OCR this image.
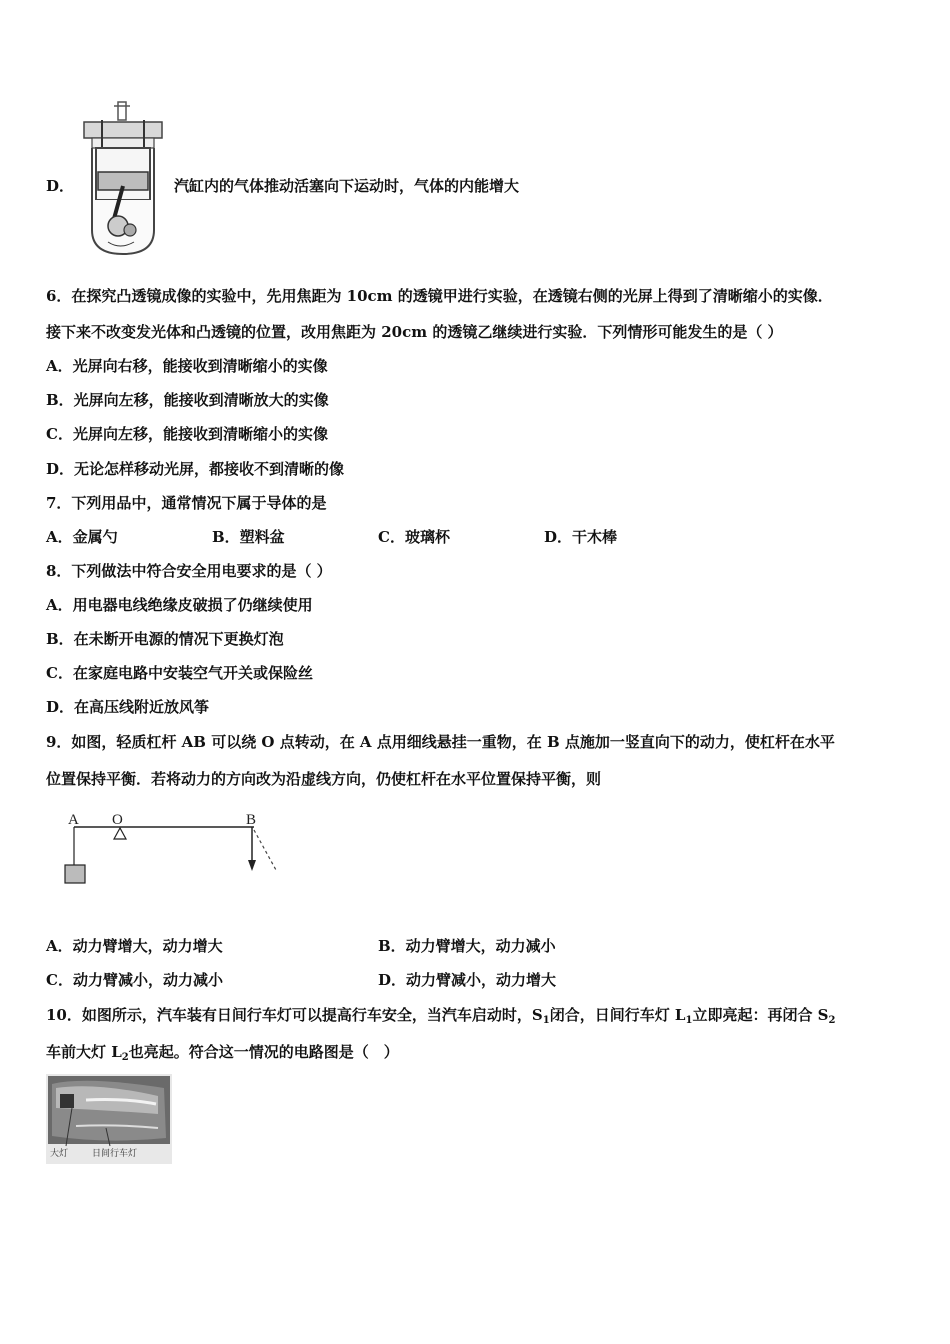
D．	汽缸内的气体推动活塞向下运动时，气体的内能增大
6．在探究凸透镜成像的实验中，先用焦距为 10cm 的透镜甲进行实验，在透镜右侧的光屏上得到了清晰缩小的实像．
接下来不改变发光体和凸透镜的位置，改用焦距为 20cm 的透镜乙继续进行实验．下列情形可能发生的是（ ）
A．光屏向右移，能接收到清晰缩小的实像
B．光屏向左移，能接收到清晰放大的实像
C．光屏向左移，能接收到清晰缩小的实像
D．无论怎样移动光屏，都接收不到清晰的像
7．下列用品中，通常情况下属于导体的是
A．金属勺	B．塑料盆	C．玻璃杯	D．干木棒
8．下列做法中符合安全用电要求的是（ ）
A．用电器电线绝缘皮破损了仍继续使用
B．在未断开电源的情况下更换灯泡
C．在家庭电路中安装空气开关或保险丝
D．在高压线附近放风筝
9．如图，轻质杠杆 AB 可以绕 O 点转动，在 A 点用细线悬挂一重物，在 B 点施加一竖直向下的动力，使杠杆在水平
位置保持平衡．若将动力的方向改为沿虚线方向，仍使杠杆在水平位置保持平衡，则
A O	B
A．动力臂增大，动力增大	B．动力臂增大，动力减小
C．动力臂减小，动力减小	D．动力臂减小，动力增大
10．如图所示，汽车装有日间行车灯可以提高行车安全，当汽车启动时，$S_1$闭合，日间行车灯 $L_1$立即亮起：再闭合 $S_2$
车前大灯 $L_2$也亮起。符合这一情况的电路图是（　）
大灯	日间行车灯
